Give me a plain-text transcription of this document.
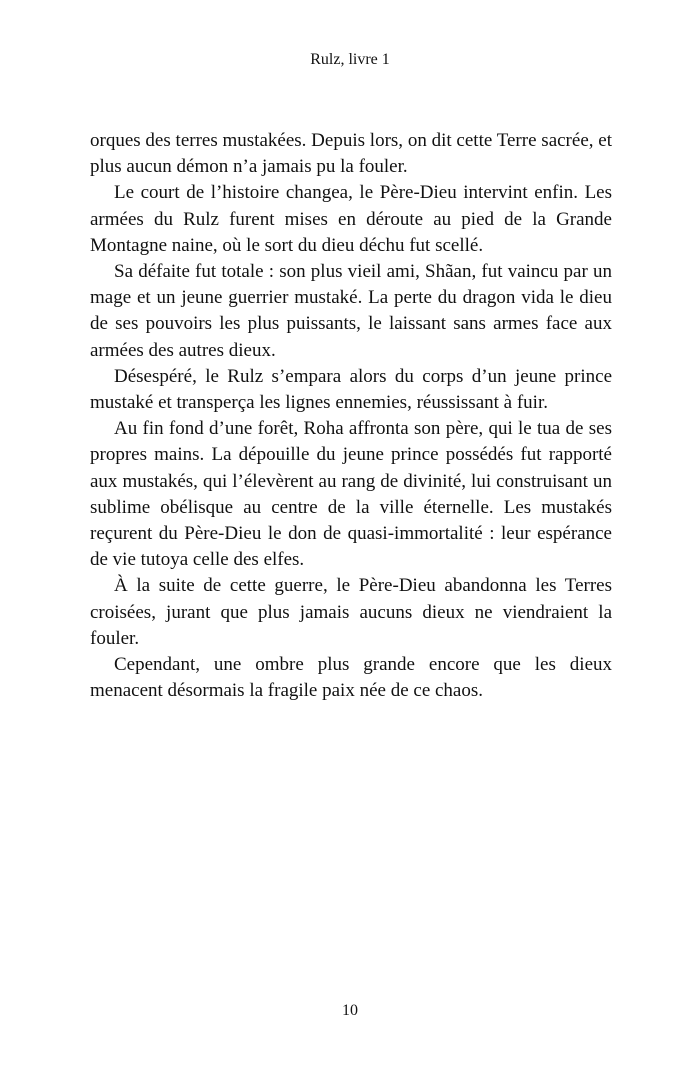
Rulz, livre 1

orques des terres mustakées. Depuis lors, on dit cette Terre sacrée, et plus aucun démon n’a jamais pu la fouler.

Le court de l’histoire changea, le Père-Dieu intervint enfin. Les armées du Rulz furent mises en déroute au pied de la Grande Montagne naine, où le sort du dieu déchu fut scellé.

Sa défaite fut totale : son plus vieil ami, Shãan, fut vaincu par un mage et un jeune guerrier mustaké. La perte du dragon vida le dieu de ses pouvoirs les plus puissants, le laissant sans armes face aux armées des autres dieux.

Désespéré, le Rulz s’empara alors du corps d’un jeune prince mustaké et transperça les lignes ennemies, réussissant à fuir.

Au fin fond d’une forêt, Roha affronta son père, qui le tua de ses propres mains. La dépouille du jeune prince possédés fut rapporté aux mustakés, qui l’élevèrent au rang de divinité, lui construisant un sublime obélisque au centre de la ville éternelle. Les mustakés reçurent du Père-Dieu le don de quasi-immortalité : leur espérance de vie tutoya celle des elfes.

À la suite de cette guerre, le Père-Dieu abandonna les Terres croisées, jurant que plus jamais aucuns dieux ne viendraient la fouler.

Cependant, une ombre plus grande encore que les dieux menacent désormais la fragile paix née de ce chaos.

10
